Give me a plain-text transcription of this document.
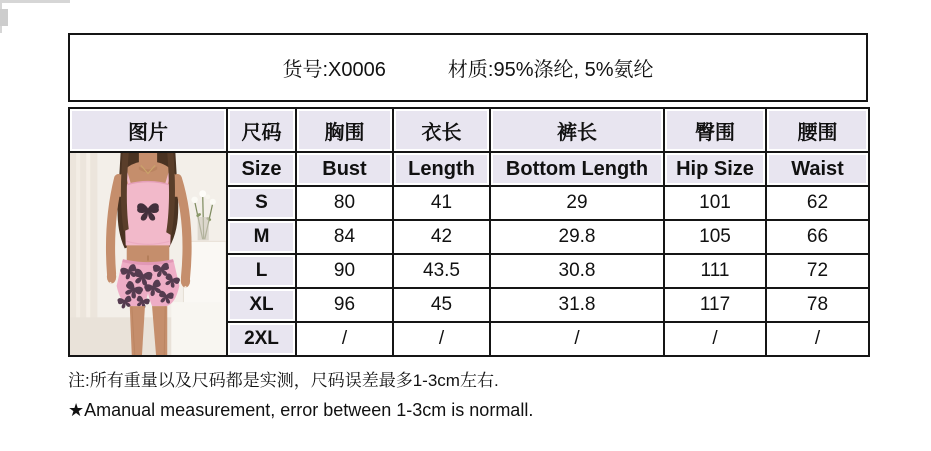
货号:X0006	材质:95%涤纶, 5%氨纶
图片	尺码	胸围	衣长	裤长	臀围	腰围

	Size	Bust	Length	Bottom Length	Hip Size	Waist
	S	80	41	29	101	62
	M	84	42	29.8	105	66
	L	90	43.5	30.8	111	72
	XL	96	45	31.8	117	78
	2XL	/	/	/	/	/

注:所有重量以及尺码都是实测，尺码误差最多1-3cm左右.

★Amanual measurement, error between 1-3cm is normall.
